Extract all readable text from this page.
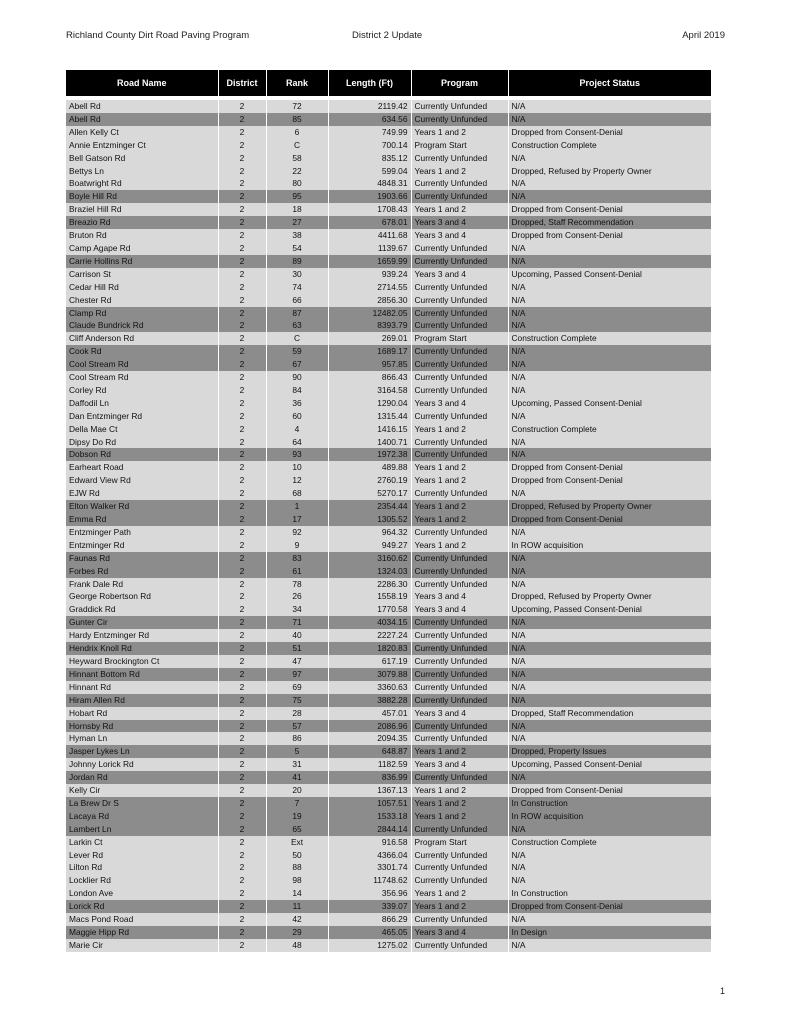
Richland County Dirt Road Paving Program	District 2 Update	April 2019
Road Name	District	Rank	Length (Ft)	Program	Project Status

Abell Rd	2	72	2119.42	Currently Unfunded	N/A
Abell Rd	2	85	634.56	Currently Unfunded	N/A
Allen Kelly Ct	2	6	749.99	Years 1 and 2	Dropped from Consent-Denial
Annie Entzminger Ct	2	C	700.14	Program Start	Construction Complete
Bell Gatson Rd	2	58	835.12	Currently Unfunded	N/A
Bettys Ln	2	22	599.04	Years 1 and 2	Dropped, Refused by Property Owner
Boatwright Rd	2	80	4848.31	Currently Unfunded	N/A
Boyle Hill Rd	2	95	1903.66	Currently Unfunded	N/A
Braziel Hill Rd	2	18	1708.43	Years 1 and 2	Dropped from Consent-Denial
Breazio Rd	2	27	678.01	Years 3 and 4	Dropped, Staff Recommendation
Bruton Rd	2	38	4411.68	Years 3 and 4	Dropped from Consent-Denial
Camp Agape Rd	2	54	1139.67	Currently Unfunded	N/A
Carrie Hollins Rd	2	89	1659.99	Currently Unfunded	N/A
Carrison St	2	30	939.24	Years 3 and 4	Upcoming, Passed Consent-Denial
Cedar Hill Rd	2	74	2714.55	Currently Unfunded	N/A
Chester Rd	2	66	2856.30	Currently Unfunded	N/A
Clamp Rd	2	87	12482.05	Currently Unfunded	N/A
Claude Bundrick Rd	2	63	8393.79	Currently Unfunded	N/A
Cliff Anderson Rd	2	C	269.01	Program Start	Construction Complete
Cook Rd	2	59	1689.17	Currently Unfunded	N/A
Cool Stream Rd	2	67	957.85	Currently Unfunded	N/A
Cool Stream Rd	2	90	866.43	Currently Unfunded	N/A
Corley Rd	2	84	3164.58	Currently Unfunded	N/A
Daffodil Ln	2	36	1290.04	Years 3 and 4	Upcoming, Passed Consent-Denial
Dan Entzminger Rd	2	60	1315.44	Currently Unfunded	N/A
Della Mae Ct	2	4	1416.15	Years 1 and 2	Construction Complete
Dipsy Do Rd	2	64	1400.71	Currently Unfunded	N/A
Dobson Rd	2	93	1972.38	Currently Unfunded	N/A
Earheart Road	2	10	489.88	Years 1 and 2	Dropped from Consent-Denial
Edward View Rd	2	12	2760.19	Years 1 and 2	Dropped from Consent-Denial
EJW Rd	2	68	5270.17	Currently Unfunded	N/A
Elton Walker Rd	2	1	2354.44	Years 1 and 2	Dropped, Refused by Property Owner
Emma Rd	2	17	1305.52	Years 1 and 2	Dropped from Consent-Denial
Entzminger Path	2	92	964.32	Currently Unfunded	N/A
Entzminger Rd	2	9	949.27	Years 1 and 2	In ROW acquisition
Faunas Rd	2	83	3160.62	Currently Unfunded	N/A
Forbes Rd	2	61	1324.03	Currently Unfunded	N/A
Frank Dale Rd	2	78	2286.30	Currently Unfunded	N/A
George Robertson Rd	2	26	1558.19	Years 3 and 4	Dropped, Refused by Property Owner
Graddick Rd	2	34	1770.58	Years 3 and 4	Upcoming, Passed Consent-Denial
Gunter Cir	2	71	4034.15	Currently Unfunded	N/A
Hardy Entzminger Rd	2	40	2227.24	Currently Unfunded	N/A
Hendrix Knoll Rd	2	51	1820.83	Currently Unfunded	N/A
Heyward Brockington Ct	2	47	617.19	Currently Unfunded	N/A
Hinnant Bottom Rd	2	97	3079.88	Currently Unfunded	N/A
Hinnant Rd	2	69	3360.63	Currently Unfunded	N/A
Hiram Allen Rd	2	75	3882.28	Currently Unfunded	N/A
Hobart Rd	2	28	457.01	Years 3 and 4	Dropped, Staff Recommendation
Hornsby Rd	2	57	2086.96	Currently Unfunded	N/A
Hyman Ln	2	86	2094.35	Currently Unfunded	N/A
Jasper Lykes Ln	2	5	648.87	Years 1 and 2	Dropped, Property Issues
Johnny Lorick Rd	2	31	1182.59	Years 3 and 4	Upcoming, Passed Consent-Denial
Jordan Rd	2	41	836.99	Currently Unfunded	N/A
Kelly Cir	2	20	1367.13	Years 1 and 2	Dropped from Consent-Denial
La Brew Dr S	2	7	1057.51	Years 1 and 2	In Construction
Lacaya Rd	2	19	1533.18	Years 1 and 2	In ROW acquisition
Lambert Ln	2	65	2844.14	Currently Unfunded	N/A
Larkin Ct	2	Ext	916.58	Program Start	Construction Complete
Lever Rd	2	50	4366.04	Currently Unfunded	N/A
Lilton Rd	2	88	3301.74	Currently Unfunded	N/A
Locklier Rd	2	98	11748.62	Currently Unfunded	N/A
London Ave	2	14	356.96	Years 1 and 2	In Construction
Lorick Rd	2	11	339.07	Years 1 and 2	Dropped from Consent-Denial
Macs Pond Road	2	42	866.29	Currently Unfunded	N/A
Maggie Hipp Rd	2	29	465.05	Years 3 and 4	In Design
Marie Cir	2	48	1275.02	Currently Unfunded	N/A
1
